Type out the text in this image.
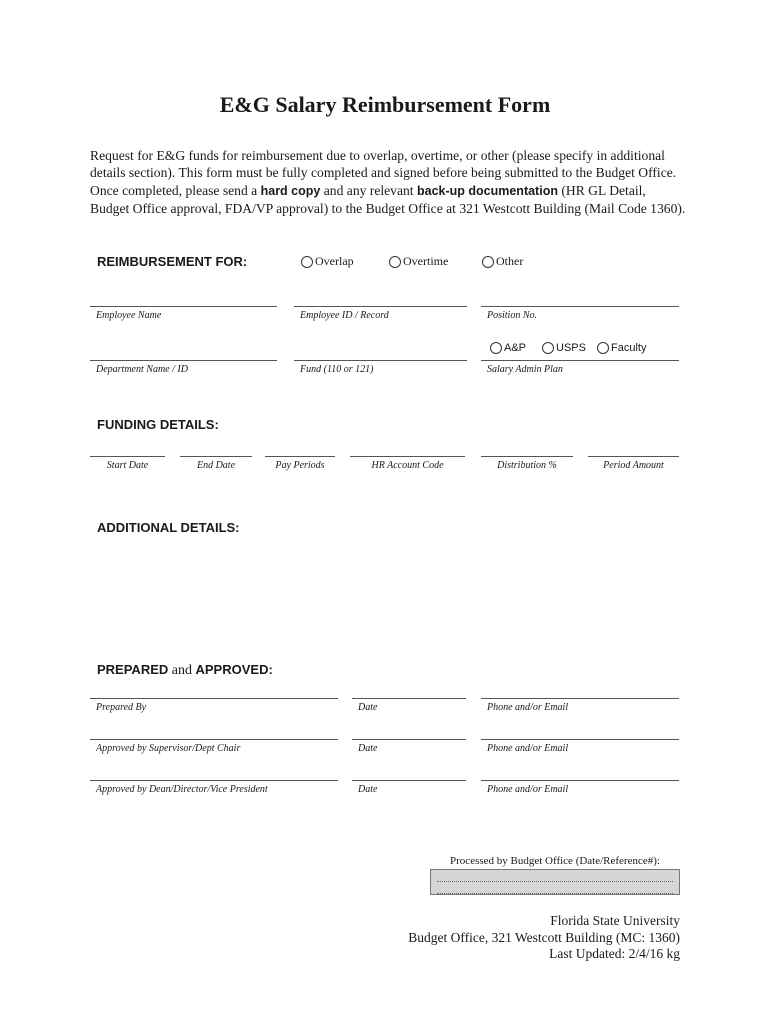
E&G Salary Reimbursement Form
Request for E&G funds for reimbursement due to overlap, overtime, or other (please specify in additional
details section). This form must be fully completed and signed before being submitted to the Budget Office.
Once completed, please send a hard copy and any relevant back-up documentation (HR GL Detail,
Budget Office approval, FDA/VP approval) to the Budget Office at 321 Westcott Building (Mail Code 1360).
REIMBURSEMENT FOR:	Overlap	Overtime	Other
Employee Name	Employee ID / Record	Position No.
A&P	USPS Faculty
Department Name / ID	Fund (110 or 121)	Salary Admin Plan
FUNDING DETAILS:
Start Date	End Date	Pay Periods	HR Account Code	Distribution %	Period Amount
ADDITIONAL DETAILS:
PREPARED and APPROVED:
Prepared By	Date	Phone and/or Email
Approved by Supervisor/Dept Chair	Date	Phone and/or Email
Approved by Dean/Director/Vice President	Date	Phone and/or Email
Processed by Budget Office (Date/Reference#):
Florida State University
Budget Office, 321 Westcott Building (MC: 1360)
Last Updated: 2/4/16 kg
